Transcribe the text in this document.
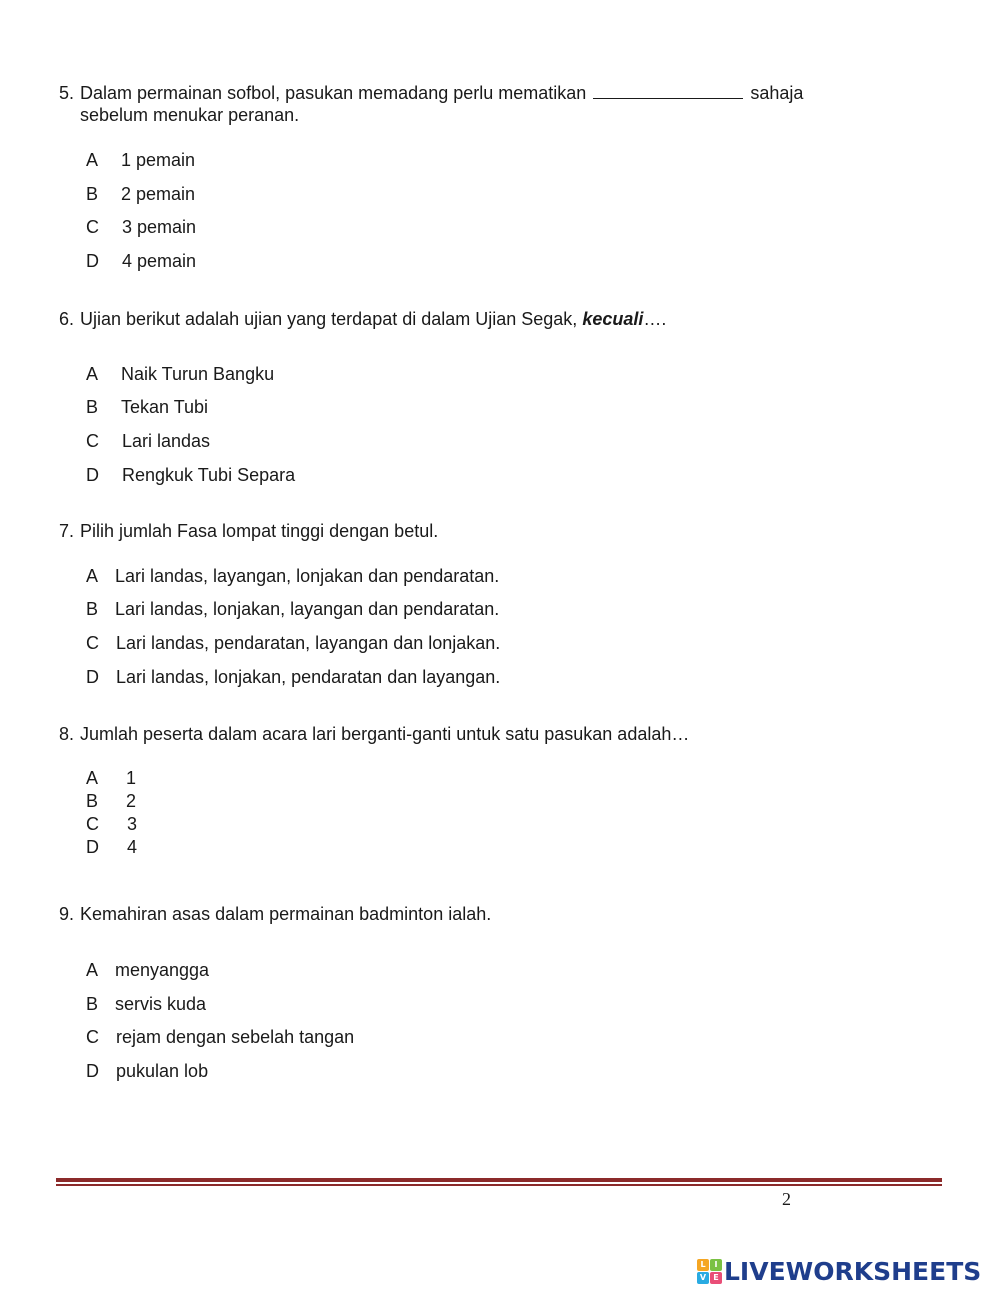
5. Dalam permainan sofbol, pasukan memadang perlu mematikan	sahaja
sebelum menukar peranan.
A 1 pemain
B 2 pemain
C 3 pemain
D 4 pemain
6. Ujian berikut adalah ujian yang terdapat di dalam Ujian Segak, kecuali….
A Naik Turun Bangku
B Tekan Tubi
C Lari landas
D Rengkuk Tubi Separa
7. Pilih jumlah Fasa lompat tinggi dengan betul.
A Lari landas, layangan, lonjakan dan pendaratan.
B Lari landas, lonjakan, layangan dan pendaratan.
C Lari landas, pendaratan, layangan dan lonjakan.
D Lari landas, lonjakan, pendaratan dan layangan.
8. Jumlah peserta dalam acara lari berganti-ganti untuk satu pasukan adalah…
A 1
B 2
C 3
D 4
9. Kemahiran asas dalam permainan badminton ialah.
A menyangga
B servis kuda
C rejam dengan sebelah tangan
D pukulan lob
2
L	I
V E LIVEWORKSHEETS
